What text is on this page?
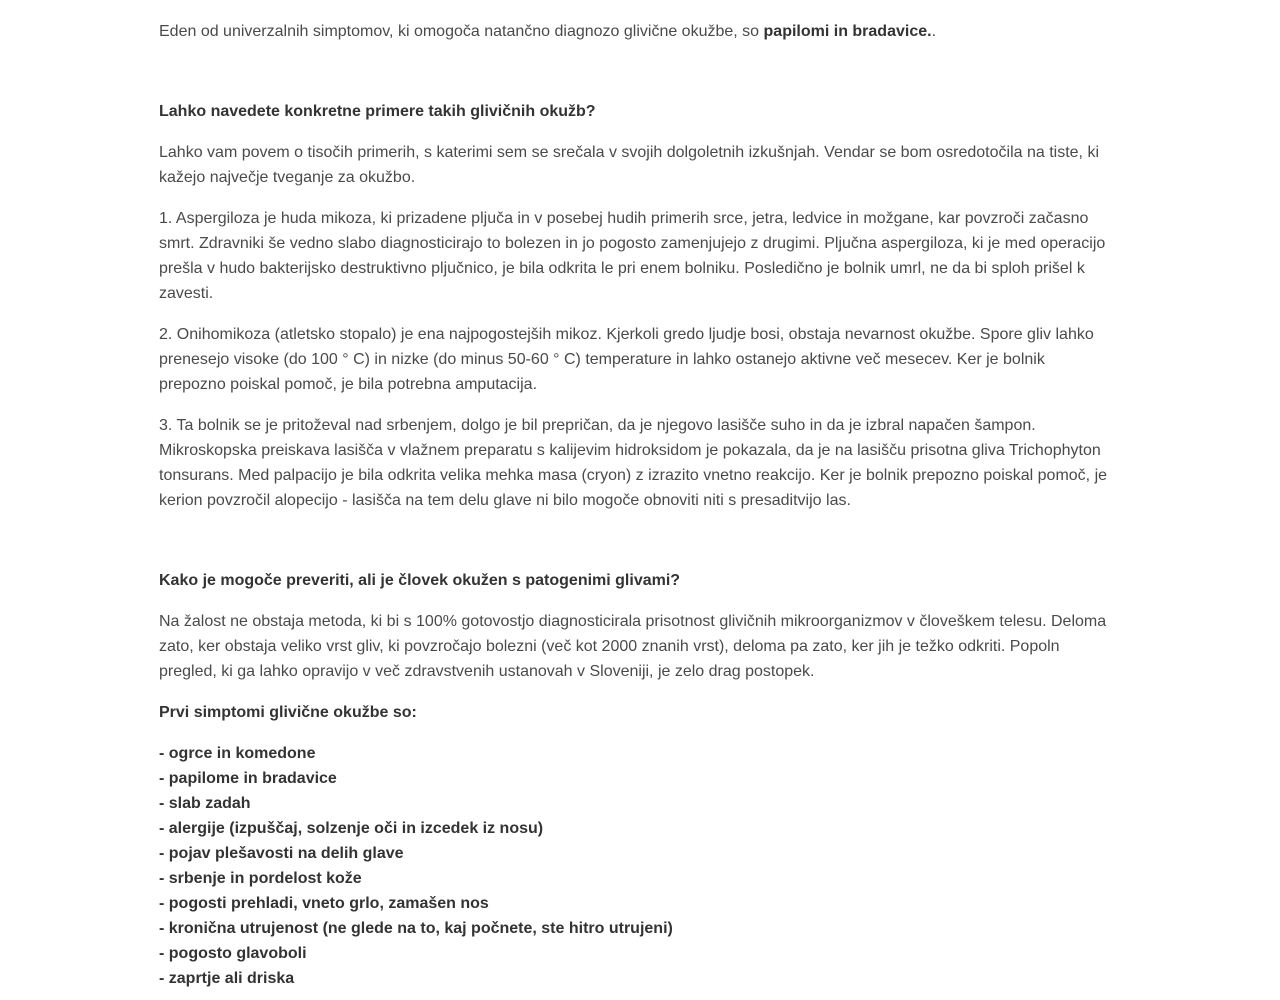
Eden od univerzalnih simptomov, ki omogoča natančno diagnozo glivične okužbe, so papilomi in bradavice..

Lahko navedete konkretne primere takih glivičnih okužb?

Lahko vam povem o tisočih primerih, s katerimi sem se srečala v svojih dolgoletnih izkušnjah. Vendar se bom osredotočila na tiste, ki kažejo največje tveganje za okužbo.

1. Aspergiloza je huda mikoza, ki prizadene pljuča in v posebej hudih primerih srce, jetra, ledvice in možgane, kar povzroči začasno smrt. Zdravniki še vedno slabo diagnosticirajo to bolezen in jo pogosto zamenjujejo z drugimi. Pljučna aspergiloza, ki je med operacijo prešla v hudo bakterijsko destruktivno pljučnico, je bila odkrita le pri enem bolniku. Posledično je bolnik umrl, ne da bi sploh prišel k zavesti.

2. Onihomikoza (atletsko stopalo) je ena najpogostejših mikoz. Kjerkoli gredo ljudje bosi, obstaja nevarnost okužbe. Spore gliv lahko prenesejo visoke (do 100 ° C) in nizke (do minus 50-60 ° C) temperature in lahko ostanejo aktivne več mesecev. Ker je bolnik prepozno poiskal pomoč, je bila potrebna amputacija.

3. Ta bolnik se je pritoževal nad srbenjem, dolgo je bil prepričan, da je njegovo lasišče suho in da je izbral napačen šampon. Mikroskopska preiskava lasišča v vlažnem preparatu s kalijevim hidroksidom je pokazala, da je na lasišču prisotna gliva Trichophyton tonsurans. Med palpacijo je bila odkrita velika mehka masa (cryon) z izrazito vnetno reakcijo. Ker je bolnik prepozno poiskal pomoč, je kerion povzročil alopecijo - lasišča na tem delu glave ni bilo mogoče obnoviti niti s presaditvijo las.

Kako je mogoče preveriti, ali je človek okužen s patogenimi glivami?

Na žalost ne obstaja metoda, ki bi s 100% gotovostjo diagnosticirala prisotnost glivičnih mikroorganizmov v človeškem telesu. Deloma zato, ker obstaja veliko vrst gliv, ki povzročajo bolezni (več kot 2000 znanih vrst), deloma pa zato, ker jih je težko odkriti. Popoln pregled, ki ga lahko opravijo v več zdravstvenih ustanovah v Sloveniji, je zelo drag postopek.

Prvi simptomi glivične okužbe so:

- ogrce in komedone
- papilome in bradavice
- slab zadah
- alergije (izpuščaj, solzenje oči in izcedek iz nosu)
- pojav plešavosti na delih glave
- srbenje in pordelost kože
- pogosti prehladi, vneto grlo, zamašen nos
- kronična utrujenost (ne glede na to, kaj počnete, ste hitro utrujeni)
- pogosto glavoboli
- zaprtje ali driska
